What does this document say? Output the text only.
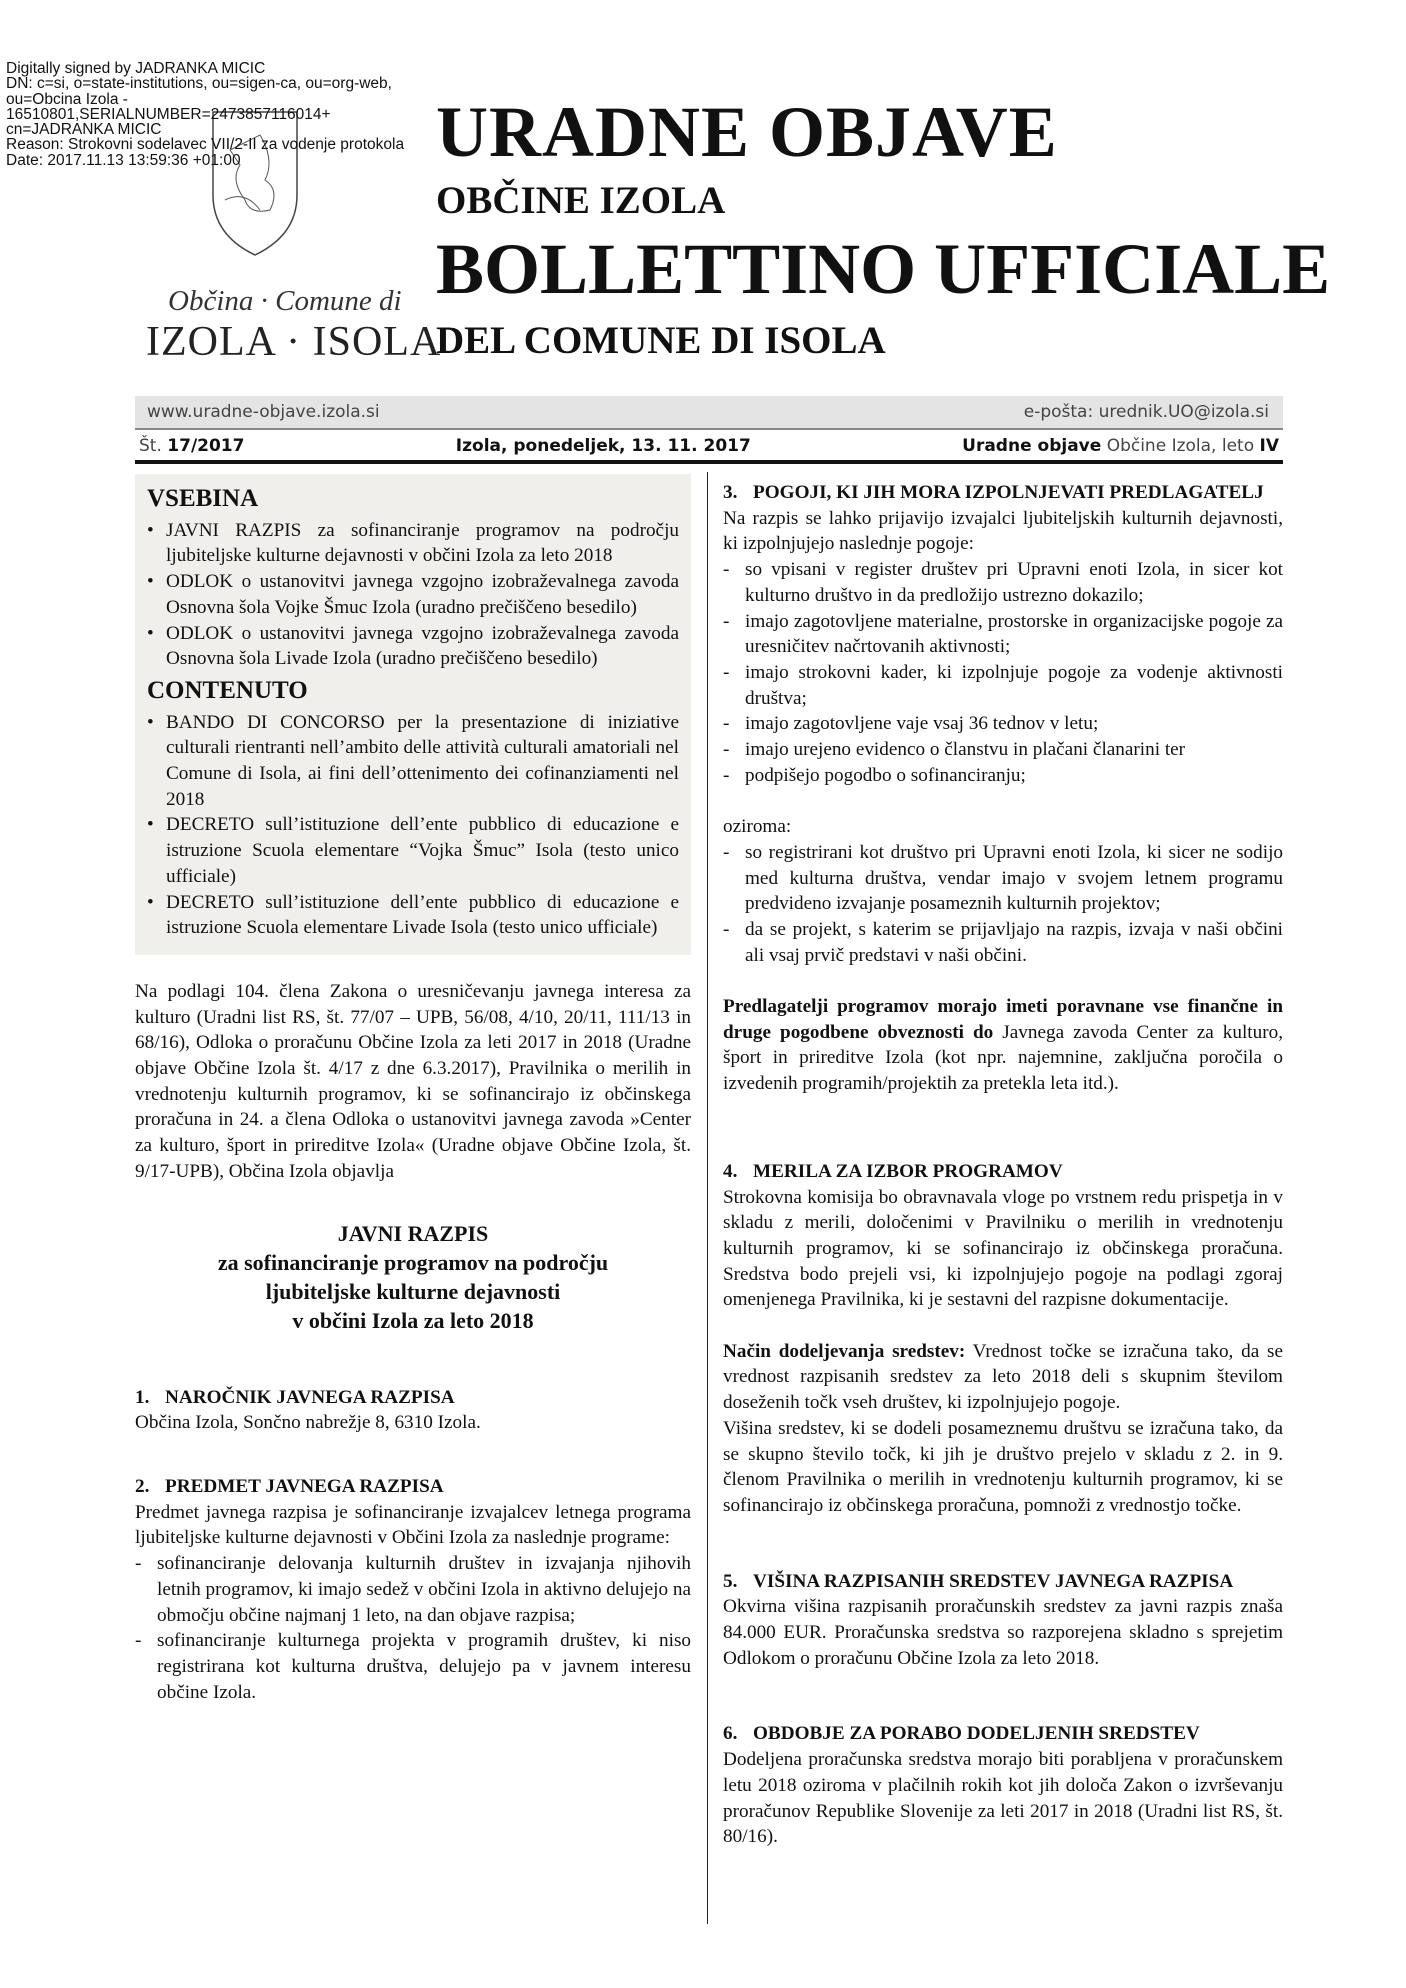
Digitally signed by JADRANKA MICIC
DN: c=si, o=state-institutions, ou=sigen-ca, ou=org-web,
ou=Obcina Izola -
16510801,SERIALNUMBER=2473857116014+
cn=JADRANKA MICIC
Reason: Strokovni sodelavec VII/2-II za vodenje protokola
Date: 2017.11.13 13:59:36 +01:00
Občina · Comune di
IZOLA · ISOLA
URADNE OBJAVE
OBČINE IZOLA
BOLLETTINO UFFICIALE
DEL COMUNE DI ISOLA
www.uradne-objave.izola.si	e-pošta: urednik.UO@izola.si
Št. 17/2017	Izola, ponedeljek, 13. 11. 2017	Uradne objave Občine Izola, leto IV
VSEBINA
• JAVNI RAZPIS za sofinanciranje programov na področju ljubiteljske kulturne dejavnosti v občini Izola za leto 2018
• ODLOK o ustanovitvi javnega vzgojno izobraževalnega zavoda Osnovna šola Vojke Šmuc Izola (uradno prečiščeno besedilo)
• ODLOK o ustanovitvi javnega vzgojno izobraževalnega zavoda Osnovna šola Livade Izola (uradno prečiščeno besedilo)
CONTENUTO
• BANDO DI CONCORSO per la presentazione di iniziative culturali rientranti nell’ambito delle attività culturali amatoriali nel Comune di Isola, ai fini dell’ottenimento dei cofinanziamenti nel 2018
• DECRETO sull’istituzione dell’ente pubblico di educazione e istruzione Scuola elementare “Vojka Šmuc” Isola (testo unico ufficiale)
• DECRETO sull’istituzione dell’ente pubblico di educazione e istruzione Scuola elementare Livade Isola (testo unico ufficiale)

Na podlagi 104. člena Zakona o uresničevanju javnega interesa za kulturo (Uradni list RS, št. 77/07 – UPB, 56/08, 4/10, 20/11, 111/13 in 68/16), Odloka o proračunu Občine Izola za leti 2017 in 2018 (Uradne objave Občine Izola št. 4/17 z dne 6.3.2017), Pravilnika o merilih in vrednotenju kulturnih programov, ki se sofinancirajo iz občinskega proračuna in 24. a člena Odloka o ustanovitvi javnega zavoda »Center za kulturo, šport in prireditve Izola« (Uradne objave Občine Izola, št. 9/17-UPB), Občina Izola objavlja

JAVNI RAZPIS
za sofinanciranje programov na področju
ljubiteljske kulturne dejavnosti
v občini Izola za leto 2018
1. NAROČNIK JAVNEGA RAZPISA

Občina Izola, Sončno nabrežje 8, 6310 Izola.

2. PREDMET JAVNEGA RAZPISA

Predmet javnega razpisa je sofinanciranje izvajalcev letnega programa ljubiteljske kulturne dejavnosti v Občini Izola za naslednje programe:

- sofinanciranje delovanja kulturnih društev in izvajanja njihovih letnih programov, ki imajo sedež v občini Izola in aktivno delujejo na območju občine najmanj 1 leto, na dan objave razpisa;

- sofinanciranje kulturnega projekta v programih društev, ki niso registrirana kot kulturna društva, delujejo pa v javnem interesu občine Izola.

3. POGOJI, KI JIH MORA IZPOLNJEVATI PREDLAGATELJ

Na razpis se lahko prijavijo izvajalci ljubiteljskih kulturnih dejavnosti, ki izpolnjujejo naslednje pogoje:

- so vpisani v register društev pri Upravni enoti Izola, in sicer kot kulturno društvo in da predložijo ustrezno dokazilo;

- imajo zagotovljene materialne, prostorske in organizacijske pogoje za uresničitev načrtovanih aktivnosti;

- imajo strokovni kader, ki izpolnjuje pogoje za vodenje aktivnosti društva;

- imajo zagotovljene vaje vsaj 36 tednov v letu;

- imajo urejeno evidenco o članstvu in plačani članarini ter

- podpišejo pogodbo o sofinanciranju;

oziroma:

- so registrirani kot društvo pri Upravni enoti Izola, ki sicer ne sodijo med kulturna društva, vendar imajo v svojem letnem programu predvideno izvajanje posameznih kulturnih projektov;

- da se projekt, s katerim se prijavljajo na razpis, izvaja v naši občini ali vsaj prvič predstavi v naši občini.

Predlagatelji programov morajo imeti poravnane vse finančne in druge pogodbene obveznosti do Javnega zavoda Center za kulturo, šport in prireditve Izola (kot npr. najemnine, zaključna poročila o izvedenih programih/projektih za pretekla leta itd.).

4. MERILA ZA IZBOR PROGRAMOV

Strokovna komisija bo obravnavala vloge po vrstnem redu prispetja in v skladu z merili, določenimi v Pravilniku o merilih in vrednotenju kulturnih programov, ki se sofinancirajo iz občinskega proračuna. Sredstva bodo prejeli vsi, ki izpolnjujejo pogoje na podlagi zgoraj omenjenega Pravilnika, ki je sestavni del razpisne dokumentacije.

Način dodeljevanja sredstev: Vrednost točke se izračuna tako, da se vrednost razpisanih sredstev za leto 2018 deli s skupnim številom doseženih točk vseh društev, ki izpolnjujejo pogoje.

Višina sredstev, ki se dodeli posameznemu društvu se izračuna tako, da se skupno število točk, ki jih je društvo prejelo v skladu z 2. in 9. členom Pravilnika o merilih in vrednotenju kulturnih programov, ki se sofinancirajo iz občinskega proračuna, pomnoži z vrednostjo točke.

5. VIŠINA RAZPISANIH SREDSTEV JAVNEGA RAZPISA

Okvirna višina razpisanih proračunskih sredstev za javni razpis znaša 84.000 EUR. Proračunska sredstva so razporejena skladno s sprejetim Odlokom o proračunu Občine Izola za leto 2018.

6. OBDOBJE ZA PORABO DODELJENIH SREDSTEV

Dodeljena proračunska sredstva morajo biti porabljena v proračunskem letu 2018 oziroma v plačilnih rokih kot jih določa Zakon o izvrševanju proračunov Republike Slovenije za leti 2017 in 2018 (Uradni list RS, št. 80/16).
